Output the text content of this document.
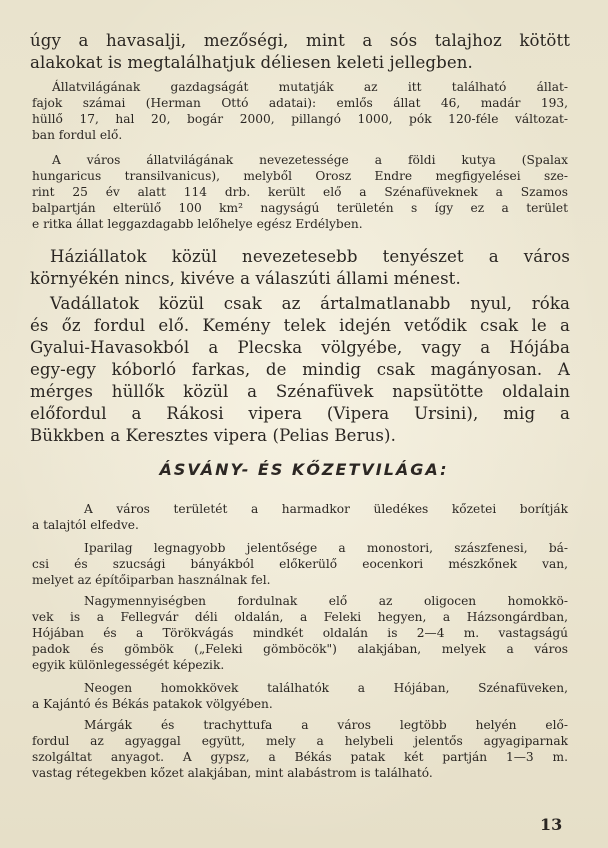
úgy a havasalji, mezőségi, mint a sós talajhoz kötött
alakokat is megtalálhatjuk déliesen keleti jellegben.
Állatvilágának gazdagságát mutatják az itt található állat-
fajok számai (Herman Ottó adatai): emlős állat 46, madár 193,
hüllő 17, hal 20, bogár 2000, pillangó 1000, pók 120-féle változat-
ban fordul elő.
A város állatvilágának nevezetessége a földi kutya (Spalax
hungaricus transilvanicus), melyből Orosz Endre megfigyelései sze-
rint 25 év alatt 114 drb. került elő a Szénafüveknek a Szamos
balpartján elterülő 100 km² nagyságú területén s így ez a terület
e ritka állat leggazdagabb lelőhelye egész Erdélyben.
Háziállatok közül nevezetesebb tenyészet a város
környékén nincs, kivéve a válaszúti állami ménest.
Vadállatok közül csak az ártalmatlanabb nyul, róka
és őz fordul elő. Kemény telek idején vetődik csak le a
Gyalui-Havasokból a Plecska völgyébe, vagy a Hójába
egy-egy kóborló farkas, de mindig csak magányosan. A
mérges hüllők közül a Szénafüvek napsütötte oldalain
előfordul a Rákosi vipera (Vipera Ursini), mig a
Bükkben a Keresztes vipera (Pelias Berus).
ÁSVÁNY- ÉS KŐZETVILÁGA:
A város területét a harmadkor üledékes kőzetei borítják
a talajtól elfedve.
Iparilag legnagyobb jelentősége a monostori, szászfenesi, bá-
csi és szucsági bányákból előkerülő eocenkori mészkőnek van,
melyet az építőiparban használnak fel.
Nagymennyiségben fordulnak elő az oligocen homokkö-
vek is a Fellegvár déli oldalán, a Feleki hegyen, a Házsongárdban,
Hójában és a Törökvágás mindkét oldalán is 2—4 m. vastagságú
padok és gömbök („Feleki gömböcök") alakjában, melyek a város
egyik különlegességét képezik.
Neogen homokkövek találhatók a Hójában, Szénafüveken,
a Kajántó és Békás patakok völgyében.
Márgák és trachyttufa a város legtöbb helyén elő-
fordul az agyaggal együtt, mely a helybeli jelentős agyagiparnak
szolgáltat anyagot. A gypsz, a Békás patak két partján 1—3 m.
vastag rétegekben kőzet alakjában, mint alabástrom is található.
13
